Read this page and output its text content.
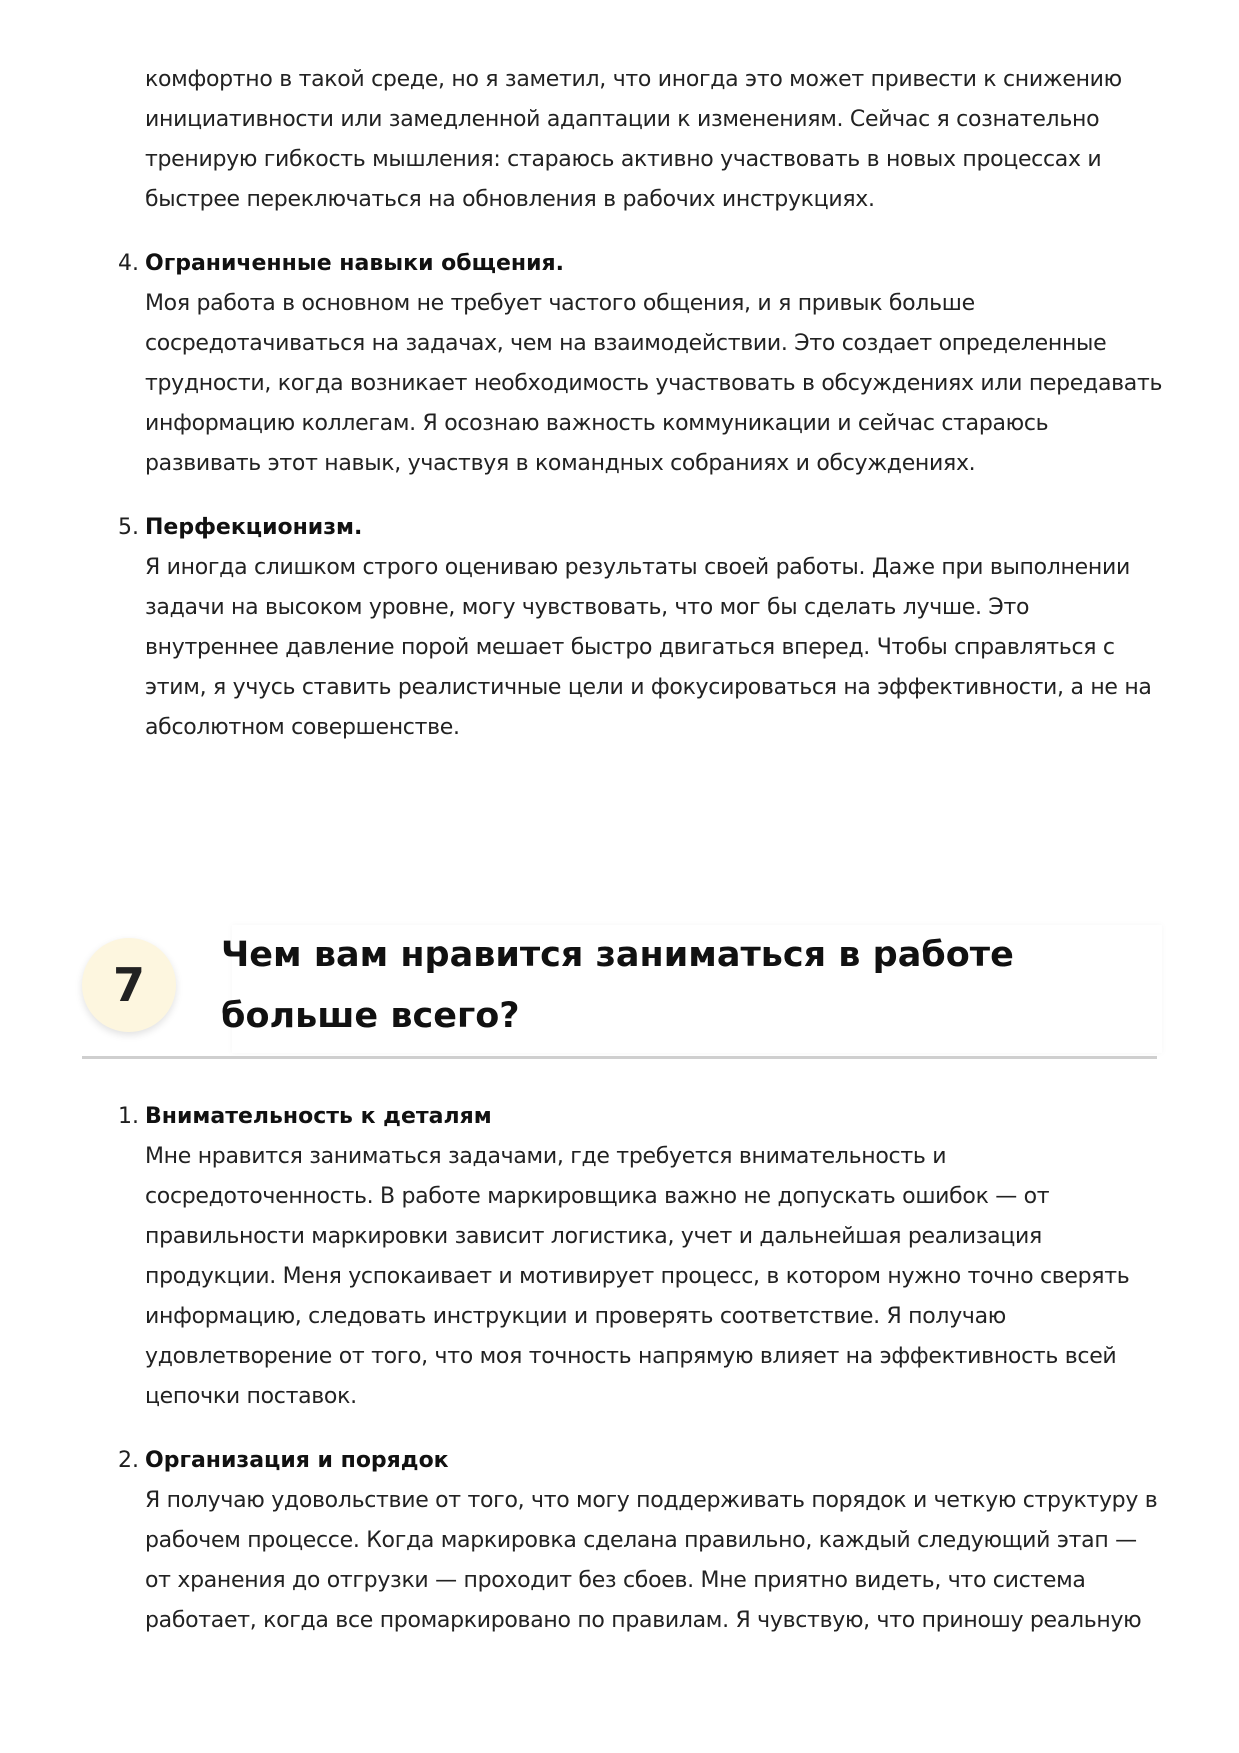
комфортно в такой среде, но я заметил, что иногда это может привести к снижению инициативности или замедленной адаптации к изменениям. Сейчас я сознательно тренирую гибкость мышления: стараюсь активно участвовать в новых процессах и быстрее переключаться на обновления в рабочих инструкциях.

4. Ограниченные навыки общения.

Моя работа в основном не требует частого общения, и я привык больше сосредотачиваться на задачах, чем на взаимодействии. Это создает определенные трудности, когда возникает необходимость участвовать в обсуждениях или передавать информацию коллегам. Я осознаю важность коммуникации и сейчас стараюсь развивать этот навык, участвуя в командных собраниях и обсуждениях.

5. Перфекционизм.

Я иногда слишком строго оцениваю результаты своей работы. Даже при выполнении задачи на высоком уровне, могу чувствовать, что мог бы сделать лучше. Это внутреннее давление порой мешает быстро двигаться вперед. Чтобы справляться с этим, я учусь ставить реалистичные цели и фокусироваться на эффективности, а не на абсолютном совершенстве.

7
Чем вам нравится заниматься в работе больше всего?
1. Внимательность к деталям

Мне нравится заниматься задачами, где требуется внимательность и сосредоточенность. В работе маркировщика важно не допускать ошибок — от правильности маркировки зависит логистика, учет и дальнейшая реализация продукции. Меня успокаивает и мотивирует процесс, в котором нужно точно сверять информацию, следовать инструкции и проверять соответствие. Я получаю удовлетворение от того, что моя точность напрямую влияет на эффективность всей цепочки поставок.

2. Организация и порядок

Я получаю удовольствие от того, что могу поддерживать порядок и четкую структуру в рабочем процессе. Когда маркировка сделана правильно, каждый следующий этап — от хранения до отгрузки — проходит без сбоев. Мне приятно видеть, что система работает, когда все промаркировано по правилам. Я чувствую, что приношу реальную
